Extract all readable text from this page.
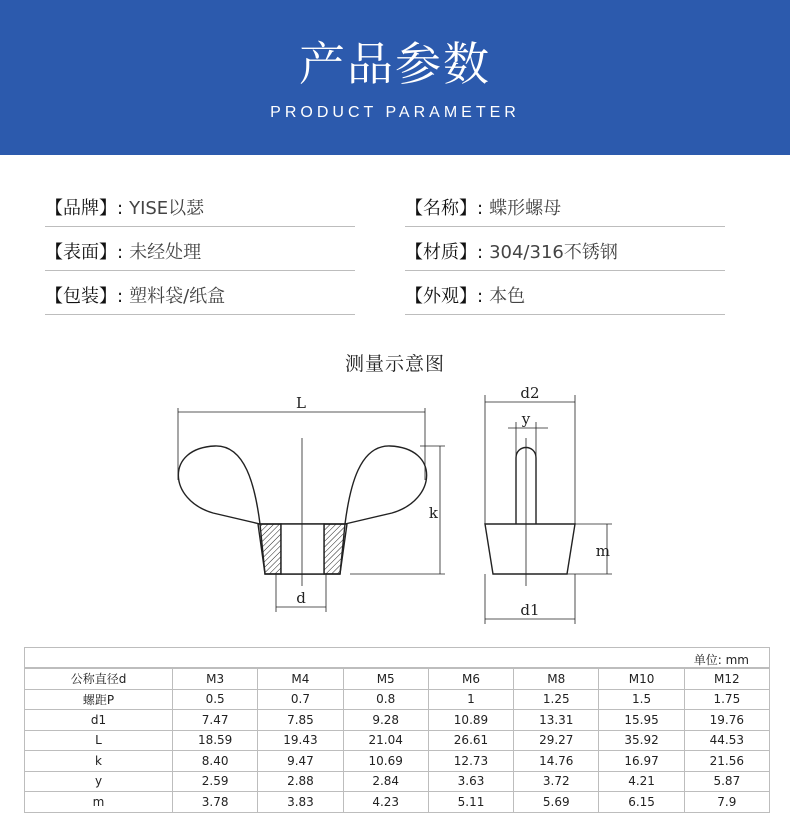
产品参数
PRODUCT PARAMETER
【品牌】: YISE以瑟	【名称】: 蝶形螺母
【表面】: 未经处理	【材质】: 304/316不锈钢
【包装】: 塑料袋/纸盒	【外观】: 本色
测量示意图
L
k
d
d2
y
m
d1
单位: mm
公称直径d	M3	M4	M5	M6	M8	M10	M12
螺距P	0.5	0.7	0.8	1	1.25	1.5	1.75
d1	7.47	7.85	9.28	10.89	13.31	15.95	19.76
L	18.59	19.43	21.04	26.61	29.27	35.92	44.53
k	8.40	9.47	10.69	12.73	14.76	16.97	21.56
y	2.59	2.88	2.84	3.63	3.72	4.21	5.87
m	3.78	3.83	4.23	5.11	5.69	6.15	7.9
